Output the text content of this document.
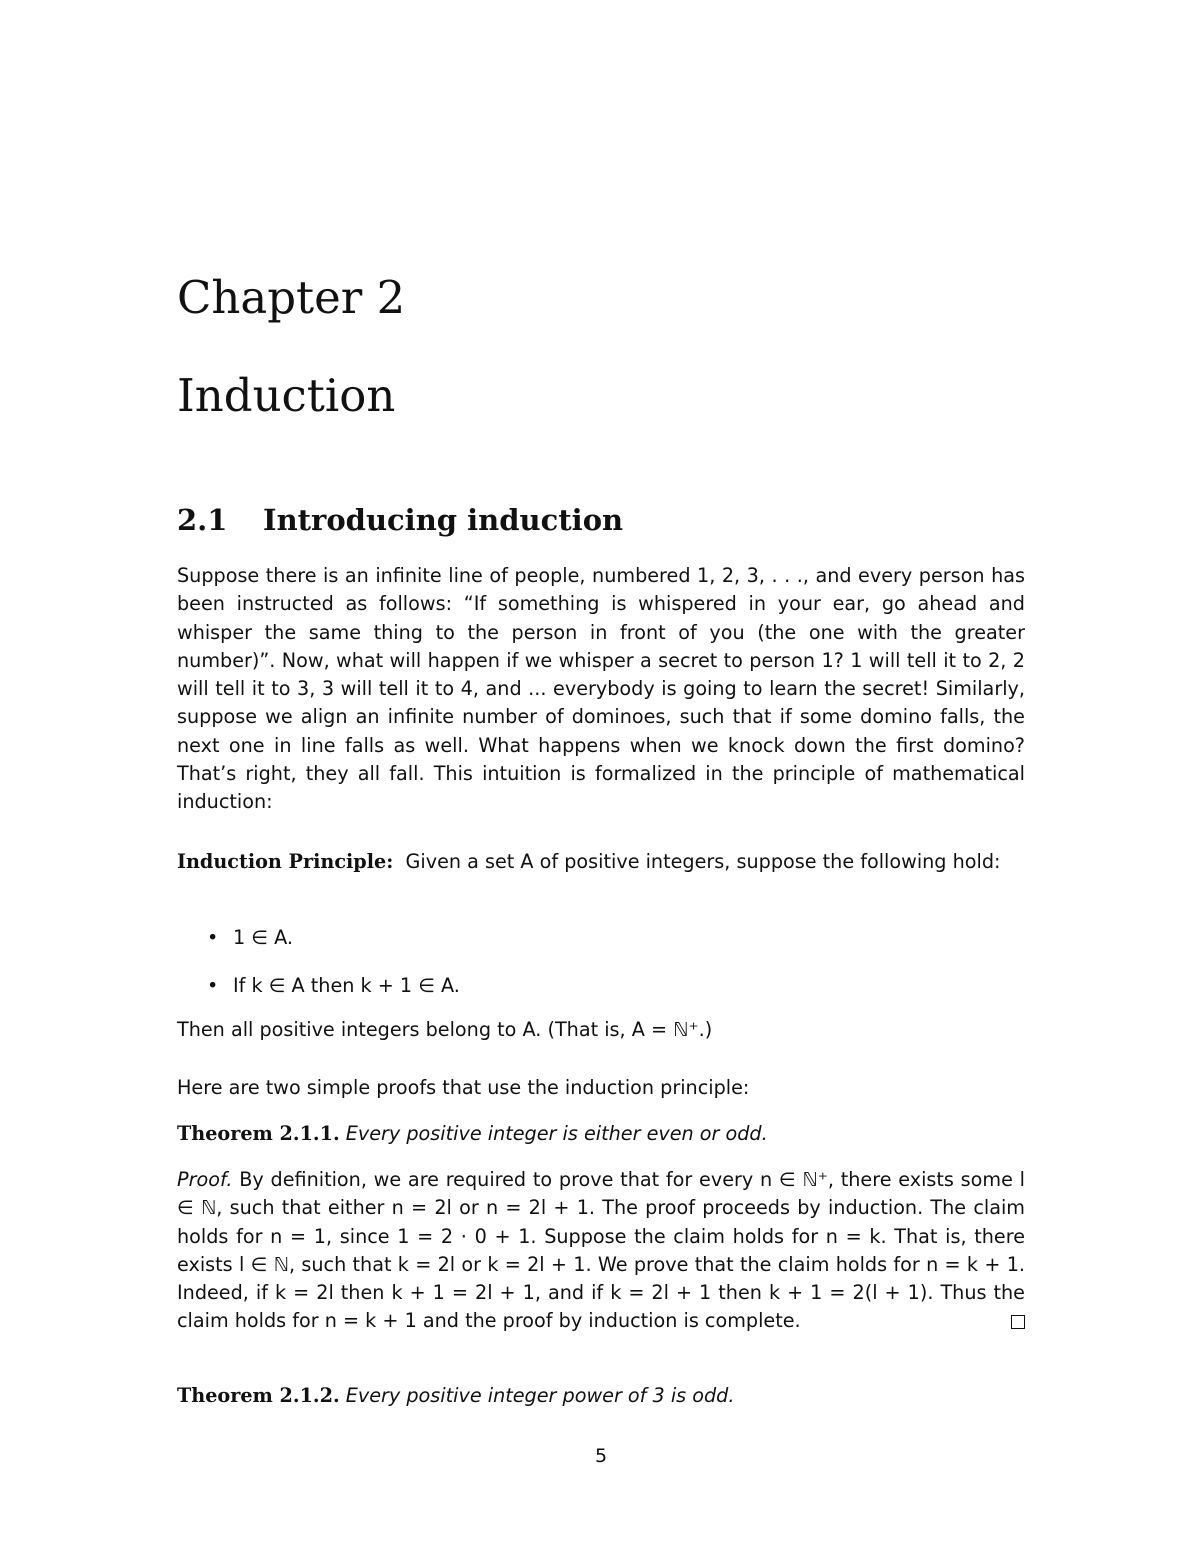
Chapter 2
Induction
2.1 Introducing induction

Suppose there is an infinite line of people, numbered 1, 2, 3, . . ., and every person has been instructed as follows: “If something is whispered in your ear, go ahead and whisper the same thing to the person in front of you (the one with the greater number)”. Now, what will happen if we whisper a secret to person 1? 1 will tell it to 2, 2 will tell it to 3, 3 will tell it to 4, and ... everybody is going to learn the secret! Similarly, suppose we align an infinite number of dominoes, such that if some domino falls, the next one in line falls as well. What happens when we knock down the first domino? That’s right, they all fall. This intuition is formalized in the principle of mathematical induction:

Induction Principle: Given a set A of positive integers, suppose the following hold:

• 1 ∈ A.
• If k ∈ A then k + 1 ∈ A.

Then all positive integers belong to A. (That is, A = ℕ⁺.)

Here are two simple proofs that use the induction principle:

Theorem 2.1.1. Every positive integer is either even or odd.

Proof. By definition, we are required to prove that for every n ∈ ℕ⁺, there exists some l ∈ ℕ, such that either n = 2l or n = 2l + 1. The proof proceeds by induction. The claim holds for n = 1, since 1 = 2 · 0 + 1. Suppose the claim holds for n = k. That is, there exists l ∈ ℕ, such that k = 2l or k = 2l + 1. We prove that the claim holds for n = k + 1. Indeed, if k = 2l then k + 1 = 2l + 1, and if k = 2l + 1 then k + 1 = 2(l + 1). Thus the claim holds for n = k + 1 and the proof by induction is complete.

Theorem 2.1.2. Every positive integer power of 3 is odd.

5
